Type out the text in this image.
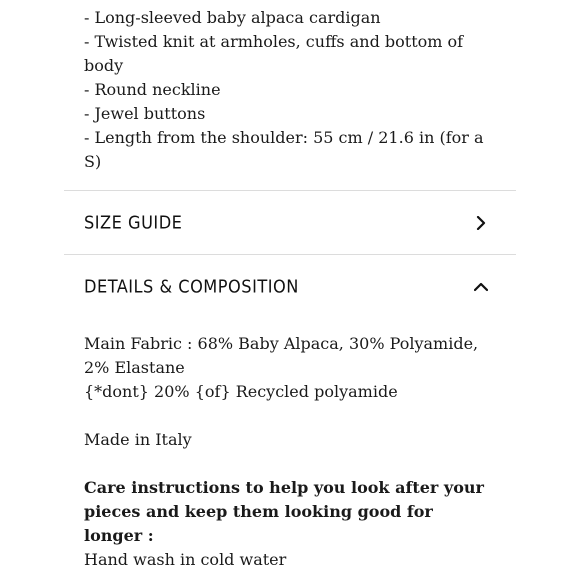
- Long-sleeved baby alpaca cardigan
- Twisted knit at armholes, cuffs and bottom of body
- Round neckline
- Jewel buttons
- Length from the shoulder: 55 cm / 21.6 in (for a S)
SIZE GUIDE
DETAILS & COMPOSITION

Main Fabric : 68% Baby Alpaca, 30% Polyamide, 2% Elastane

{*dont} 20% {of} Recycled polyamide

Made in Italy

Care instructions to help you look after your pieces and keep them looking good for longer :

Hand wash in cold water
